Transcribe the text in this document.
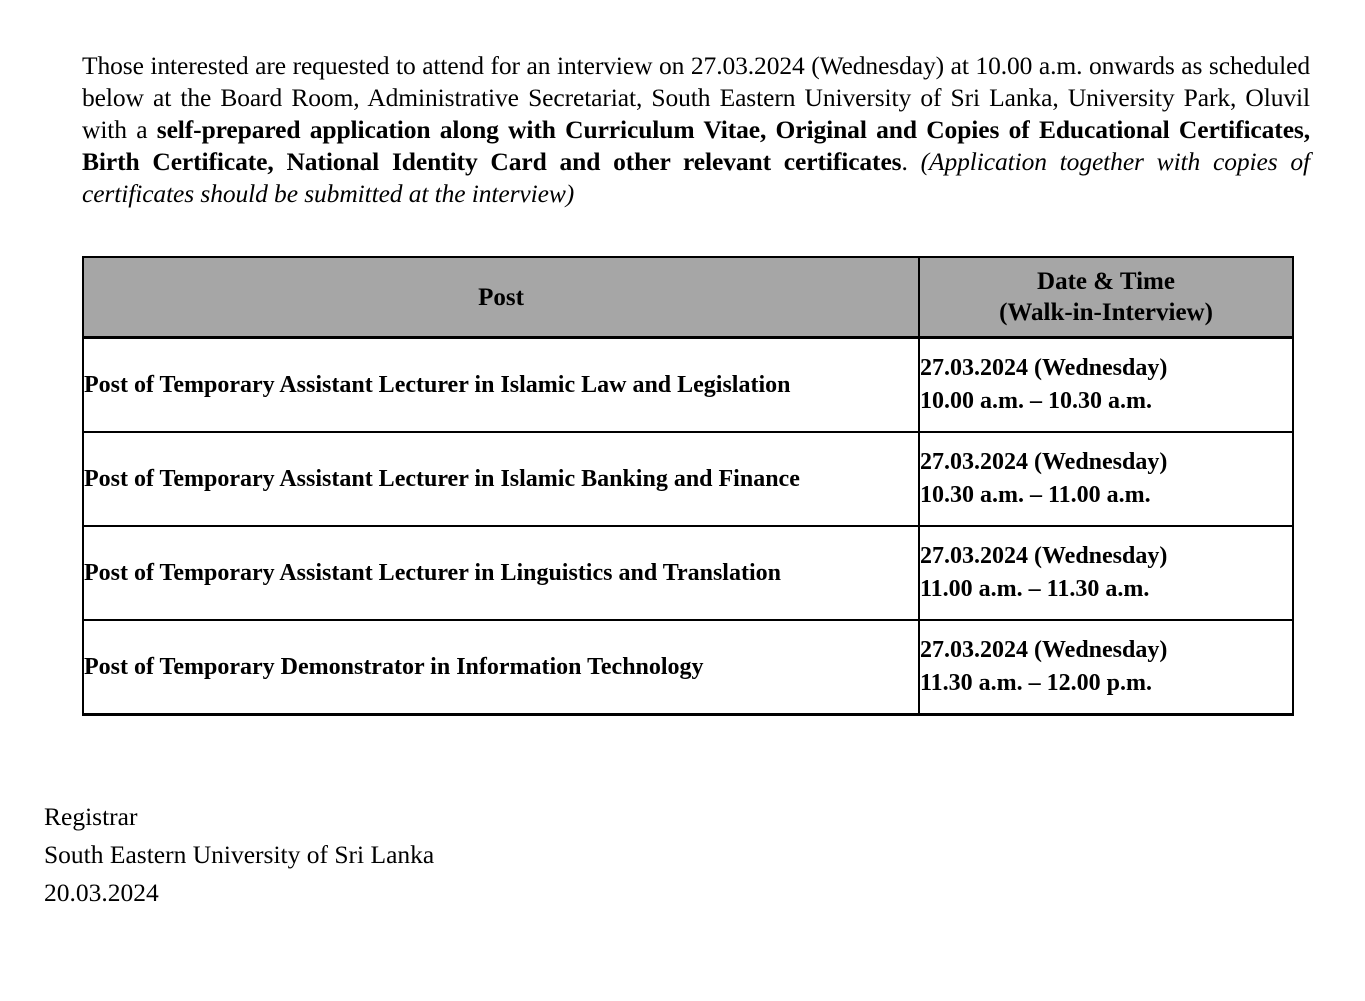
Those interested are requested to attend for an interview on 27.03.2024 (Wednesday) at 10.00 a.m. onwards as scheduled below at the Board Room, Administrative Secretariat, South Eastern University of Sri Lanka, University Park, Oluvil with a self-prepared application along with Curriculum Vitae, Original and Copies of Educational Certificates, Birth Certificate, National Identity Card and other relevant certificates. (Application together with copies of certificates should be submitted at the interview)

Post	Date & Time
(Walk-in-Interview)

Post of Temporary Assistant Lecturer in Islamic Law and Legislation	27.03.2024 (Wednesday)
10.00 a.m. – 10.30 a.m.

Post of Temporary Assistant Lecturer in Islamic Banking and Finance	27.03.2024 (Wednesday)
10.30 a.m. – 11.00 a.m.

Post of Temporary Assistant Lecturer in Linguistics and Translation	27.03.2024 (Wednesday)
11.00 a.m. – 11.30 a.m.

Post of Temporary Demonstrator in Information Technology	27.03.2024 (Wednesday)
11.30 a.m. – 12.00 p.m.
Registrar
South Eastern University of Sri Lanka
20.03.2024
